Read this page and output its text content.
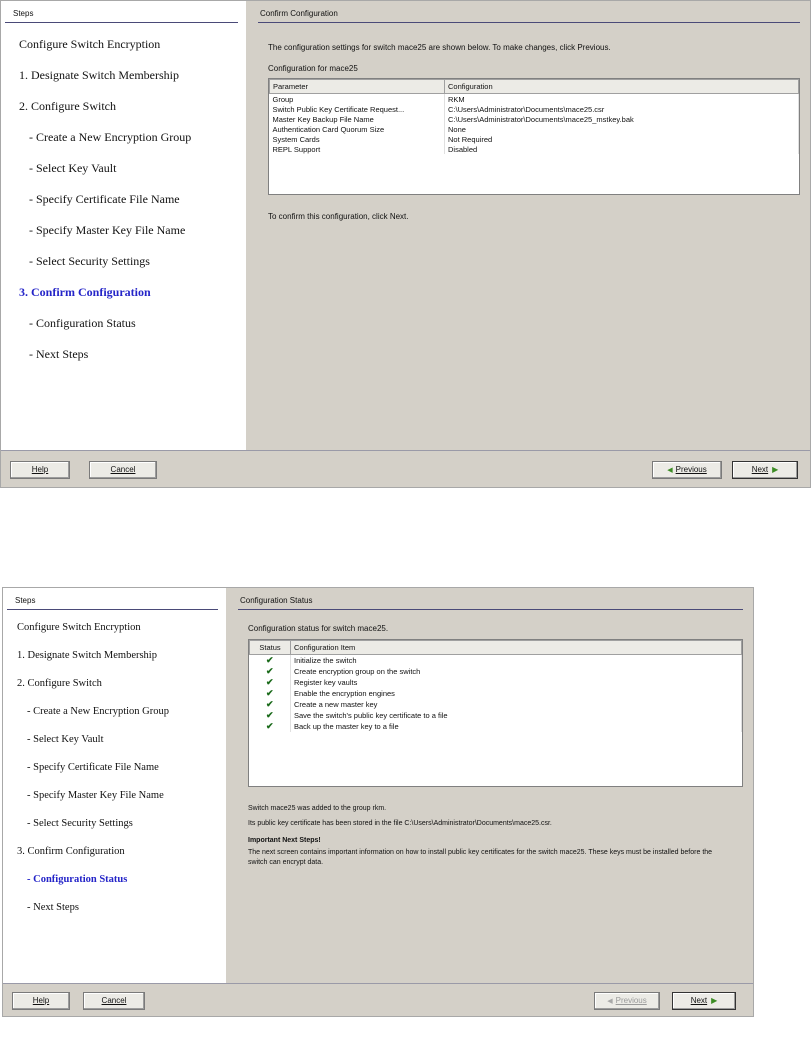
Steps
Configure Switch Encryption
1. Designate Switch Membership
2. Configure Switch
- Create a New Encryption Group
- Select Key Vault
- Specify Certificate File Name
- Specify Master Key File Name
- Select Security Settings
3. Confirm Configuration
- Configuration Status
- Next Steps
Confirm Configuration
The configuration settings for switch mace25 are shown below. To make changes, click Previous.
Configuration for mace25
Parameter	Configuration
Group	RKM
Switch Public Key Certificate Request...	C:\Users\Administrator\Documents\mace25.csr
Master Key Backup File Name	C:\Users\Administrator\Documents\mace25_mstkey.bak
Authentication Card Quorum Size	None
System Cards	Not Required
REPL Support	Disabled
To confirm this configuration, click Next.
Help	Cancel	◀ Previous	Next ▶
Steps
Configure Switch Encryption
1. Designate Switch Membership
2. Configure Switch
- Create a New Encryption Group
- Select Key Vault
- Specify Certificate File Name
- Specify Master Key File Name
- Select Security Settings
3. Confirm Configuration
- Configuration Status
- Next Steps
Configuration Status
Configuration status for switch mace25.
Status	Configuration Item
✔	Initialize the switch
✔	Create encryption group on the switch
✔	Register key vaults
✔	Enable the encryption engines
✔	Create a new master key
✔	Save the switch's public key certificate to a file
✔	Back up the master key to a file
Switch mace25 was added to the group rkm.
Its public key certificate has been stored in the file C:\Users\Administrator\Documents\mace25.csr.
Important Next Steps!
The next screen contains important information on how to install public key certificates for the switch mace25. These keys must be installed before the switch can encrypt data.
Help	Cancel	◀ Previous	Next ▶
